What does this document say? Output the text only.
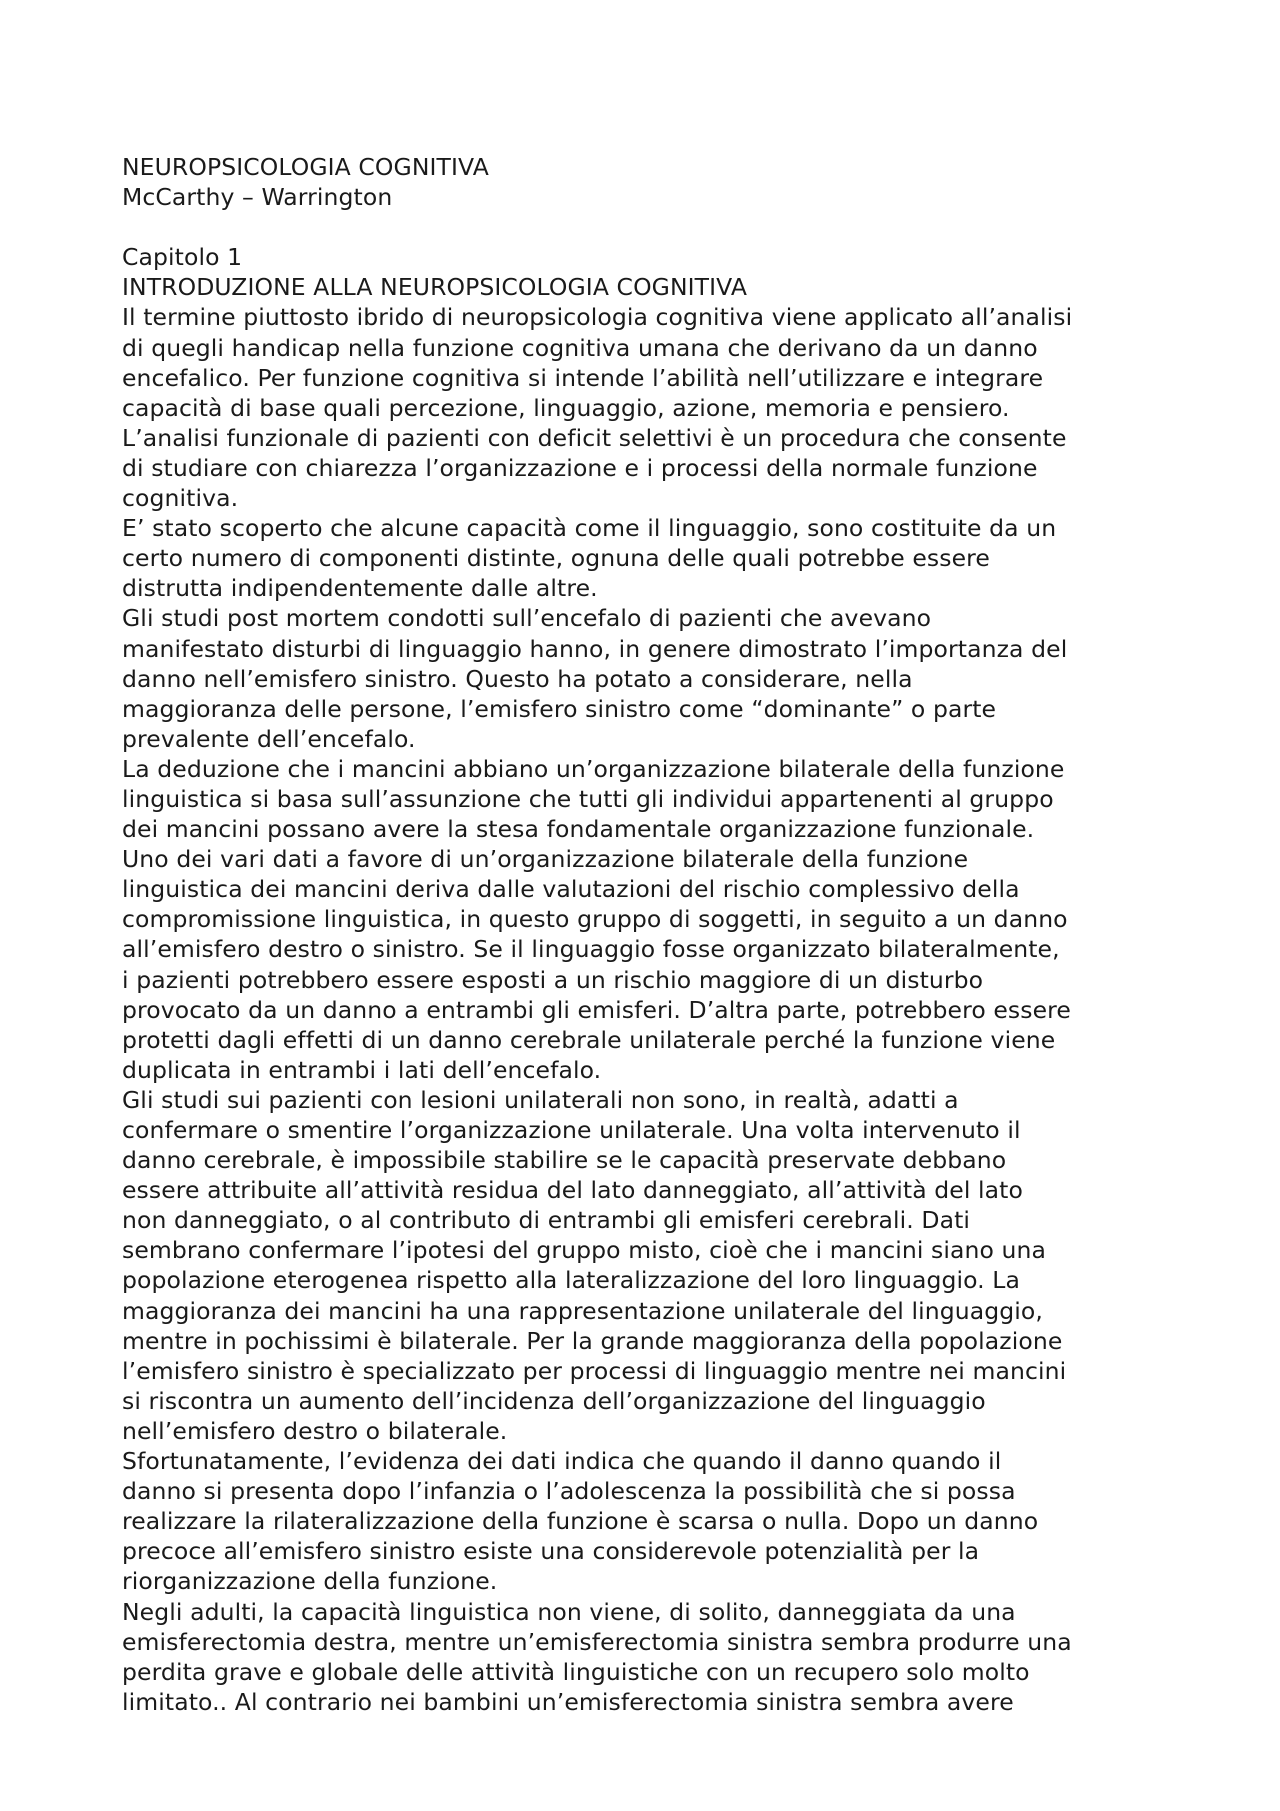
NEUROPSICOLOGIA COGNITIVA
McCarthy – Warrington
Capitolo 1
INTRODUZIONE ALLA NEUROPSICOLOGIA COGNITIVA
Il termine piuttosto ibrido di neuropsicologia cognitiva viene applicato all’analisi
di quegli handicap nella funzione cognitiva umana che derivano da un danno
encefalico. Per funzione cognitiva si intende l’abilità nell’utilizzare e integrare
capacità di base quali percezione, linguaggio, azione, memoria e pensiero.
L’analisi funzionale di pazienti con deficit selettivi è un procedura che consente
di studiare con chiarezza l’organizzazione e i processi della normale funzione
cognitiva.
E’ stato scoperto che alcune capacità come il linguaggio, sono costituite da un
certo numero di componenti distinte, ognuna delle quali potrebbe essere
distrutta indipendentemente dalle altre.
Gli studi post mortem condotti sull’encefalo di pazienti che avevano
manifestato disturbi di linguaggio hanno, in genere dimostrato l’importanza del
danno nell’emisfero sinistro. Questo ha potato a considerare, nella
maggioranza delle persone, l’emisfero sinistro come “dominante” o parte
prevalente dell’encefalo.
La deduzione che i mancini abbiano un’organizzazione bilaterale della funzione
linguistica si basa sull’assunzione che tutti gli individui appartenenti al gruppo
dei mancini possano avere la stesa fondamentale organizzazione funzionale.
Uno dei vari dati a favore di un’organizzazione bilaterale della funzione
linguistica dei mancini deriva dalle valutazioni del rischio complessivo della
compromissione linguistica, in questo gruppo di soggetti, in seguito a un danno
all’emisfero destro o sinistro. Se il linguaggio fosse organizzato bilateralmente,
i pazienti potrebbero essere esposti a un rischio maggiore di un disturbo
provocato da un danno a entrambi gli emisferi. D’altra parte, potrebbero essere
protetti dagli effetti di un danno cerebrale unilaterale perché la funzione viene
duplicata in entrambi i lati dell’encefalo.
Gli studi sui pazienti con lesioni unilaterali non sono, in realtà, adatti a
confermare o smentire l’organizzazione unilaterale. Una volta intervenuto il
danno cerebrale, è impossibile stabilire se le capacità preservate debbano
essere attribuite all’attività residua del lato danneggiato, all’attività del lato
non danneggiato, o al contributo di entrambi gli emisferi cerebrali. Dati
sembrano confermare l’ipotesi del gruppo misto, cioè che i mancini siano una
popolazione eterogenea rispetto alla lateralizzazione del loro linguaggio. La
maggioranza dei mancini ha una rappresentazione unilaterale del linguaggio,
mentre in pochissimi è bilaterale. Per la grande maggioranza della popolazione
l’emisfero sinistro è specializzato per processi di linguaggio mentre nei mancini
si riscontra un aumento dell’incidenza dell’organizzazione del linguaggio
nell’emisfero destro o bilaterale.
Sfortunatamente, l’evidenza dei dati indica che quando il danno quando il
danno si presenta dopo l’infanzia o l’adolescenza la possibilità che si possa
realizzare la rilateralizzazione della funzione è scarsa o nulla. Dopo un danno
precoce all’emisfero sinistro esiste una considerevole potenzialità per la
riorganizzazione della funzione.
Negli adulti, la capacità linguistica non viene, di solito, danneggiata da una
emisferectomia destra, mentre un’emisferectomia sinistra sembra produrre una
perdita grave e globale delle attività linguistiche con un recupero solo molto
limitato.. Al contrario nei bambini un’emisferectomia sinistra sembra avere
